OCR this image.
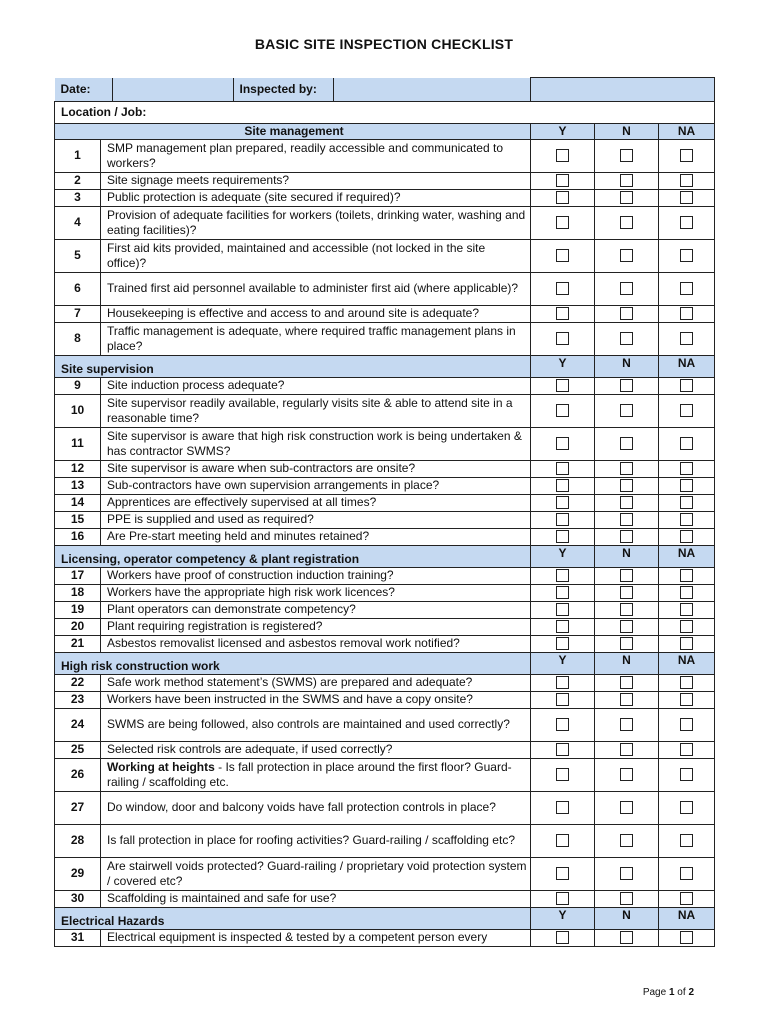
BASIC SITE INSPECTION CHECKLIST
Date: Inspected by:				

Location / Job:				
Site management		Y	N	NA
1	SMP management plan prepared, readily accessible and communicated to workers?			
2	Site signage meets requirements?			
3	Public protection is adequate (site secured if required)?			
4	Provision of adequate facilities for workers (toilets, drinking water, washing and eating facilities)?			
5	First aid kits provided, maintained and accessible (not locked in the site office)?			
6	Trained first aid personnel available to administer first aid (where applicable)?			
7	Housekeeping is effective and access to and around site is adequate?			
8	Traffic management is adequate, where required traffic management plans in place?			
Site supervision		Y	N	NA
9	Site induction process adequate?			
10	Site supervisor readily available, regularly visits site & able to attend site in a reasonable time?			
11	Site supervisor is aware that high risk construction work is being undertaken & has contractor SWMS?			
12	Site supervisor is aware when sub-contractors are onsite?			
13	Sub-contractors have own supervision arrangements in place?			
14	Apprentices are effectively supervised at all times?			
15	PPE is supplied and used as required?			
16	Are Pre-start meeting held and minutes retained?			
Licensing, operator competency & plant registration		Y	N	NA
17	Workers have proof of construction induction training?			
18	Workers have the appropriate high risk work licences?			
19	Plant operators can demonstrate competency?			
20	Plant requiring registration is registered?			
21	Asbestos removalist licensed and asbestos removal work notified?			
High risk construction work		Y	N	NA
22	Safe work method statement’s (SWMS) are prepared and adequate?			
23	Workers have been instructed in the SWMS and have a copy onsite?			
24	SWMS are being followed, also controls are maintained and used correctly?			
25	Selected risk controls are adequate, if used correctly?			
26	Working at heights - Is fall protection in place around the first floor? Guard-railing / scaffolding etc.			
27	Do window, door and balcony voids have fall protection controls in place?			
28	Is fall protection in place for roofing activities? Guard-railing / scaffolding etc?			
29	Are stairwell voids protected? Guard-railing / proprietary void protection system / covered etc?			
30	Scaffolding is maintained and safe for use?			
Electrical Hazards		Y	N	NA
31	Electrical equipment is inspected & tested by a competent person every			
Page 1 of 2
